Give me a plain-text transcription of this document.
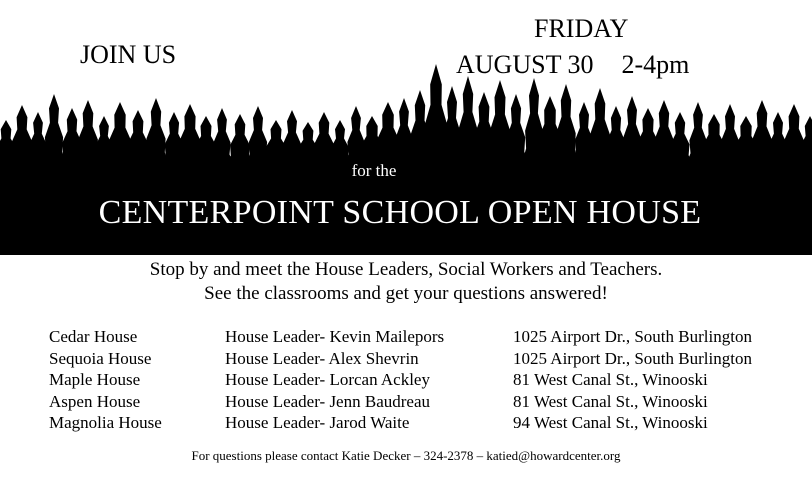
JOIN US
FRIDAY
AUGUST 30 2-4pm
for the
CENTERPOINT SCHOOL OPEN HOUSE
Stop by and meet the House Leaders, Social Workers and Teachers.
See the classrooms and get your questions answered!
Cedar House	House Leader- Kevin Mailepors	1025 Airport Dr., South Burlington
Sequoia House	House Leader- Alex Shevrin	1025 Airport Dr., South Burlington
Maple House	House Leader- Lorcan Ackley	81 West Canal St., Winooski
Aspen House	House Leader- Jenn Baudreau	81 West Canal St., Winooski
Magnolia House	House Leader- Jarod Waite	94 West Canal St., Winooski
For questions please contact Katie Decker – 324-2378 – katied@howardcenter.org
